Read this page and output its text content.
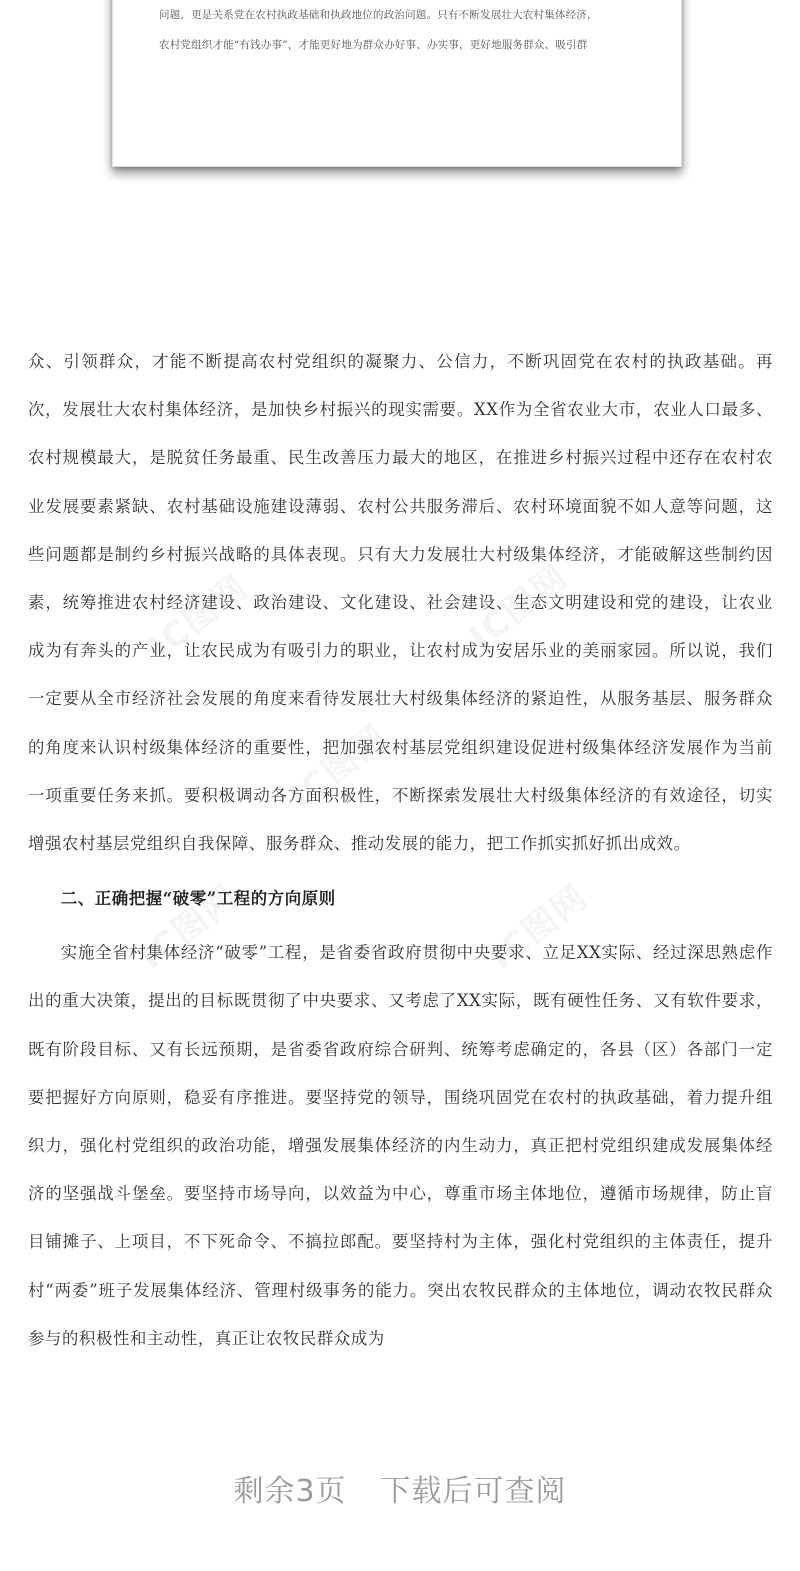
问题，更是关系党在农村执政基础和执政地位的政治问题。只有不断发展壮大农村集体经济，
农村党组织才能“有钱办事”，才能更好地为群众办好事、办实事，更好地服务群众、吸引群

众、引领群众，才能不断提高农村党组织的凝聚力、公信力，不断巩固党在农村的执政基础。再次，发展壮大农村集体经济，是加快乡村振兴的现实需要。XX作为全省农业大市，农业人口最多、农村规模最大，是脱贫任务最重、民生改善压力最大的地区，在推进乡村振兴过程中还存在农村农业发展要素紧缺、农村基础设施建设薄弱、农村公共服务滞后、农村环境面貌不如人意等问题，这些问题都是制约乡村振兴战略的具体表现。只有大力发展壮大村级集体经济，才能破解这些制约因素，统筹推进农村经济建设、政治建设、文化建设、社会建设、生态文明建设和党的建设，让农业成为有奔头的产业，让农民成为有吸引力的职业，让农村成为安居乐业的美丽家园。所以说，我们一定要从全市经济社会发展的角度来看待发展壮大村级集体经济的紧迫性，从服务基层、服务群众的角度来认识村级集体经济的重要性，把加强农村基层党组织建设促进村级集体经济发展作为当前一项重要任务来抓。要积极调动各方面积极性，不断探索发展壮大村级集体经济的有效途径，切实增强农村基层党组织自我保障、服务群众、推动发展的能力，把工作抓实抓好抓出成效。

二、正确把握“破零”工程的方向原则

实施全省村集体经济“破零”工程，是省委省政府贯彻中央要求、立足XX实际、经过深思熟虑作出的重大决策，提出的目标既贯彻了中央要求、又考虑了XX实际，既有硬性任务、又有软件要求，既有阶段目标、又有长远预期，是省委省政府综合研判、统筹考虑确定的，各县（区）各部门一定要把握好方向原则，稳妥有序推进。要坚持党的领导，围绕巩固党在农村的执政基础，着力提升组织力，强化村党组织的政治功能，增强发展集体经济的内生动力，真正把村党组织建成发展集体经济的坚强战斗堡垒。要坚持市场导向，以效益为中心，尊重市场主体地位，遵循市场规律，防止盲目铺摊子、上项目，不下死命令、不搞拉郎配。要坚持村为主体，强化村党组织的主体责任，提升村“两委”班子发展集体经济、管理村级事务的能力。突出农牧民群众的主体地位，调动农牧民群众参与的积极性和主动性，真正让农牧民群众成为

剩余3页 下载后可查阅
